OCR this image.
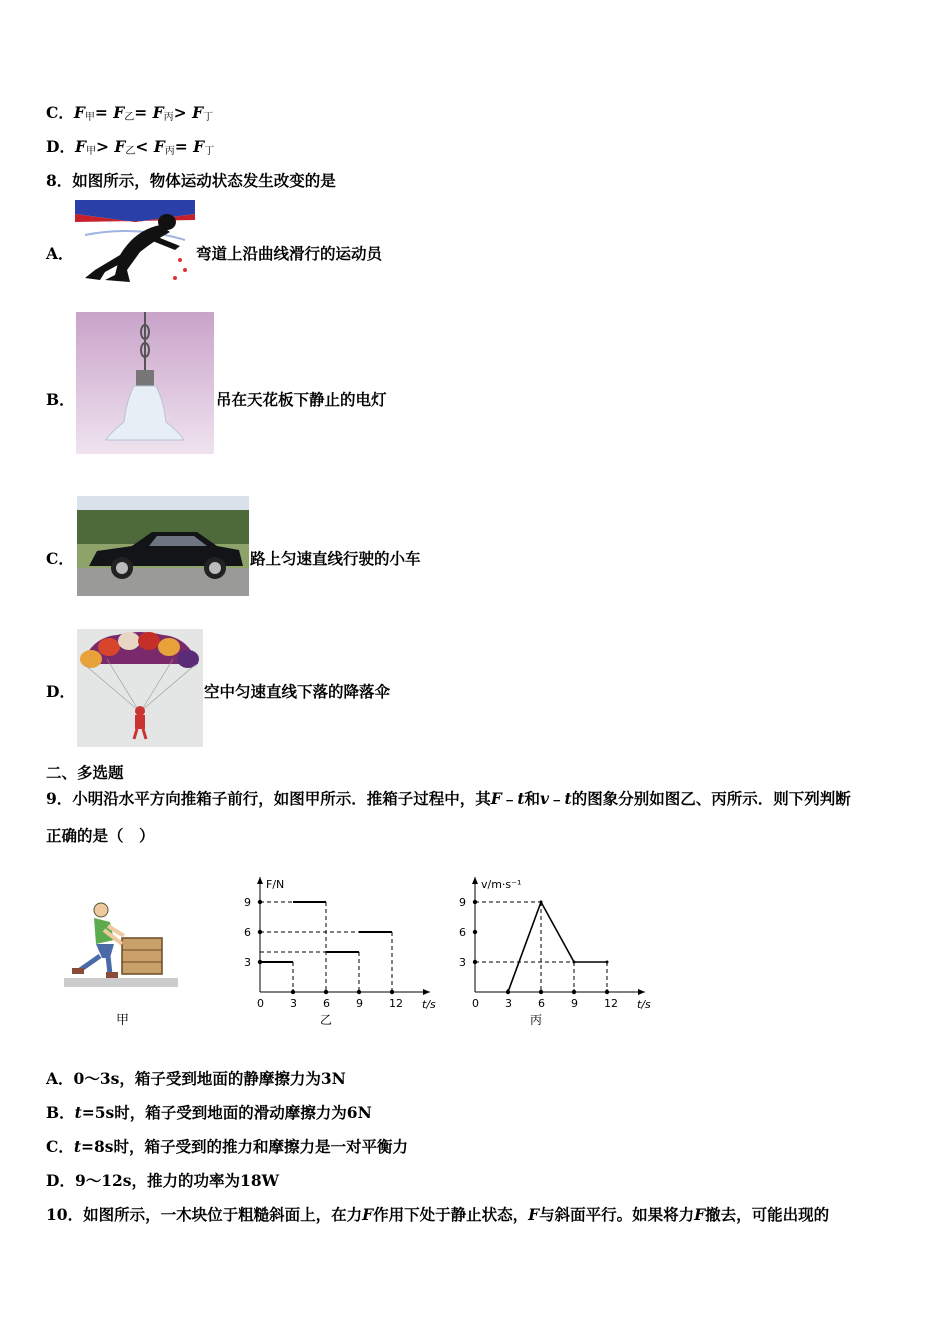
C．$F_甲= F_乙= F_丙> F_丁$
D．$F_甲> F_乙< F_丙= F_丁$
8．如图所示，物体运动状态发生改变的是
A．	弯道上沿曲线滑行的运动员
B．	吊在天花板下静止的电灯
C．	路上匀速直线行驶的小车
D．	空中匀速直线下落的降落伞
二、多选题
9．小明沿水平方向推箱子前行，如图甲所示．推箱子过程中，其F﹣t和v﹣t的图象分别如图乙、丙所示．则下列判断
正确的是（　）
甲
F/N
t/s
乙
0 3 6 9 12
3
6
9
v/m·s⁻¹
t/s
丙
0 3 6 9 12
3
6
9
A．0～3s，箱子受到地面的静摩擦力为3N
B．t=5s时，箱子受到地面的滑动摩擦力为6N
C．t=8s时，箱子受到的推力和摩擦力是一对平衡力
D．9～12s，推力的功率为18W
10．如图所示，一木块位于粗糙斜面上，在力F作用下处于静止状态，F与斜面平行。如果将力F撤去，可能出现的
